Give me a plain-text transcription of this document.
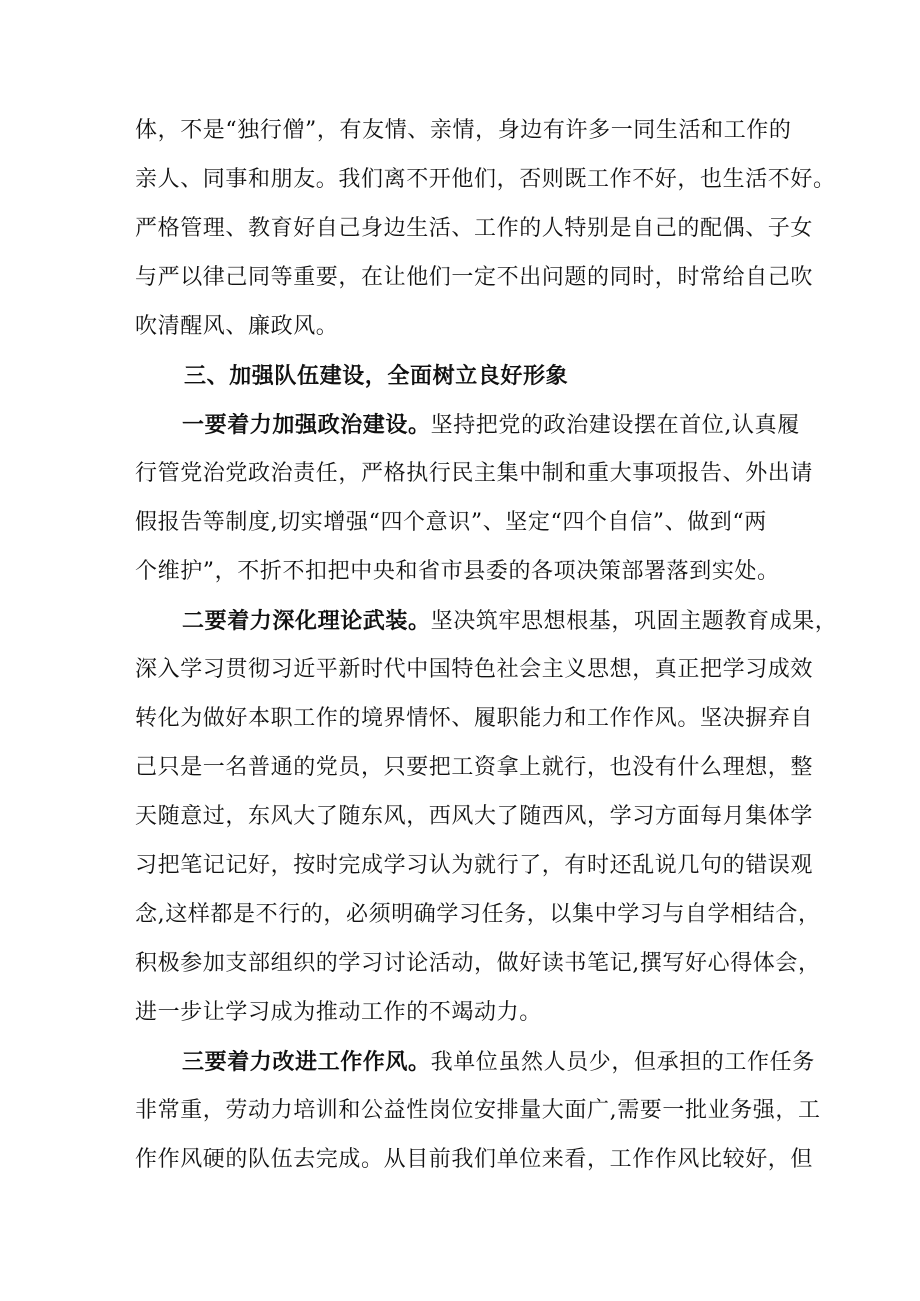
体，不是“独行僧”，有友情、亲情，身边有许多一同生活和工作的

亲人、同事和朋友。我们离不开他们，否则既工作不好，也生活不好。

严格管理、教育好自己身边生活、工作的人特别是自己的配偶、子女

与严以律己同等重要，在让他们一定不出问题的同时，时常给自己吹

吹清醒风、廉政风。

三、加强队伍建设，全面树立良好形象

一要着力加强政治建设。坚持把党的政治建设摆在首位,认真履

行管党治党政治责任，严格执行民主集中制和重大事项报告、外出请

假报告等制度,切实增强“四个意识”、坚定“四个自信”、做到“两

个维护”，不折不扣把中央和省市县委的各项决策部署落到实处。

二要着力深化理论武装。坚决筑牢思想根基，巩固主题教育成果，

深入学习贯彻习近平新时代中国特色社会主义思想，真正把学习成效

转化为做好本职工作的境界情怀、履职能力和工作作风。坚决摒弃自

己只是一名普通的党员，只要把工资拿上就行，也没有什么理想，整

天随意过，东风大了随东风，西风大了随西风，学习方面每月集体学

习把笔记记好，按时完成学习认为就行了，有时还乱说几句的错误观

念,这样都是不行的，必须明确学习任务，以集中学习与自学相结合，

积极参加支部组织的学习讨论活动，做好读书笔记,撰写好心得体会，

进一步让学习成为推动工作的不竭动力。

三要着力改进工作作风。我单位虽然人员少，但承担的工作任务

非常重，劳动力培训和公益性岗位安排量大面广,需要一批业务强，工

作作风硬的队伍去完成。从目前我们单位来看，工作作风比较好，但
